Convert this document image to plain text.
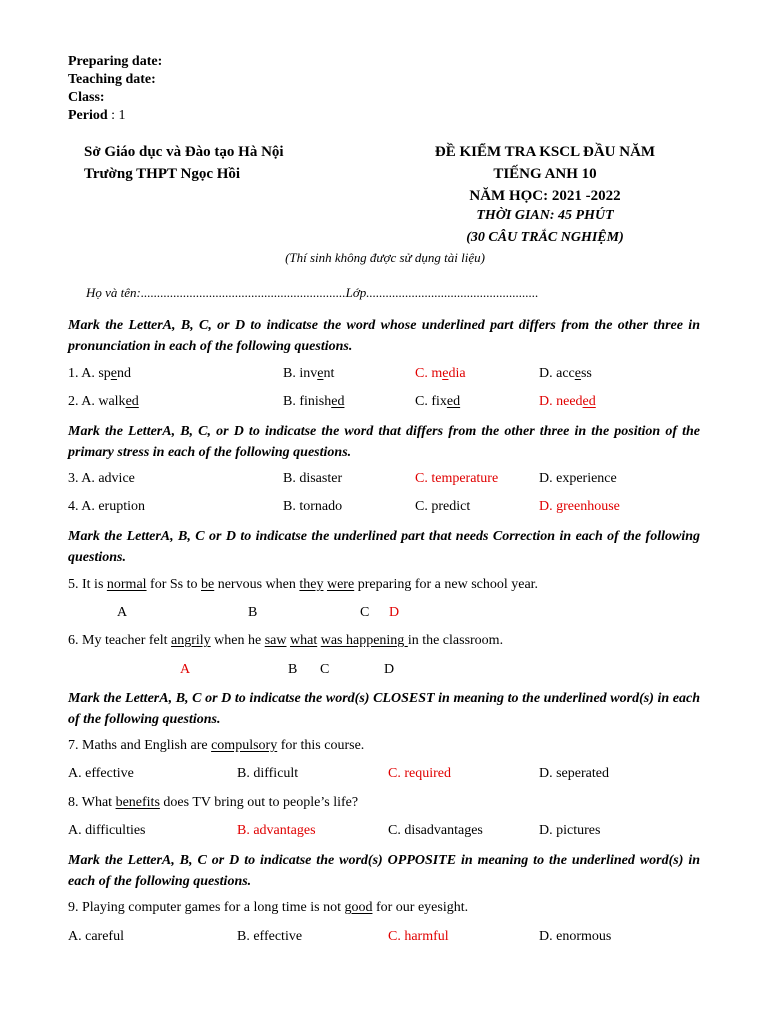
Preparing date:
Teaching date:
Class:
Period : 1
Sở Giáo dục và Đào tạo Hà Nội
Trường THPT Ngọc Hồi
ĐỀ KIỂM TRA KSCL ĐẦU NĂM
TIẾNG ANH 10
NĂM HỌC: 2021 -2022
THỜI GIAN: 45 PHÚT
(30 CÂU TRẮC NGHIỆM)
(Thí sinh không được sử dụng tài liệu)
Họ và tên:...............................................................Lớp.....................................................
Mark the LetterA, B, C, or D to indicatse the word whose underlined part differs from the other three in pronunciation in each of the following questions.
1. A. spend	B. invent	C. media	D. access
2. A. walked	B. finished	C. fixed	D. needed
Mark the LetterA, B, C, or D to indicatse the word that differs from the other three in the position of the primary stress in each of the following questions.
3. A. advice	B. disaster	C. temperature	D. experience
4. A. eruption	B. tornado	C. predict	D. greenhouse
Mark the LetterA, B, C or D to indicatse the underlined part that needs Correction in each of the following questions.
5. It is normal for Ss to be nervous when they were preparing for a new school year.
A	B	C D
6. My teacher felt angrily when he saw what was happening in the classroom.
A	B C	D
Mark the LetterA, B, C or D to indicatse the word(s) CLOSEST in meaning to the underlined word(s) in each of the following questions.
7. Maths and English are compulsory for this course.
A. effective	B. difficult	C. required	D. seperated
8. What benefits does TV bring out to people’s life?
A. difficulties	B. advantages	C. disadvantages	D. pictures
Mark the LetterA, B, C or D to indicatse the word(s) OPPOSITE in meaning to the underlined word(s) in each of the following questions.
9. Playing computer games for a long time is not good for our eyesight.
A. careful	B. effective	C. harmful	D. enormous
